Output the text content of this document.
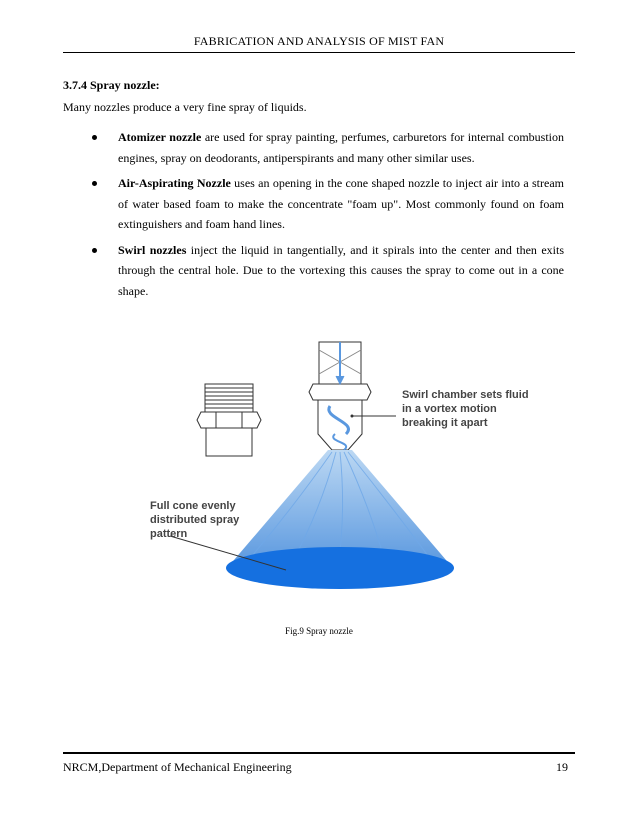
FABRICATION AND ANALYSIS OF MIST FAN
3.7.4 Spray nozzle:
Many nozzles produce a very fine spray of liquids.
Atomizer nozzle are used for spray painting, perfumes, carburetors for internal combustion engines, spray on deodorants, antiperspirants and many other similar uses.
Air-Aspirating Nozzle uses an opening in the cone shaped nozzle to inject air into a stream of water based foam to make the concentrate "foam up". Most commonly found on foam extinguishers and foam hand lines.
Swirl nozzles inject the liquid in tangentially, and it spirals into the center and then exits through the central hole. Due to the vortexing this causes the spray to come out in a cone shape.
Swirl chamber sets fluid in a vortex motion breaking it apart
Full cone evenly distributed spray pattern
Fig.9 Spray nozzle
NRCM,Department of Mechanical Engineering	19
